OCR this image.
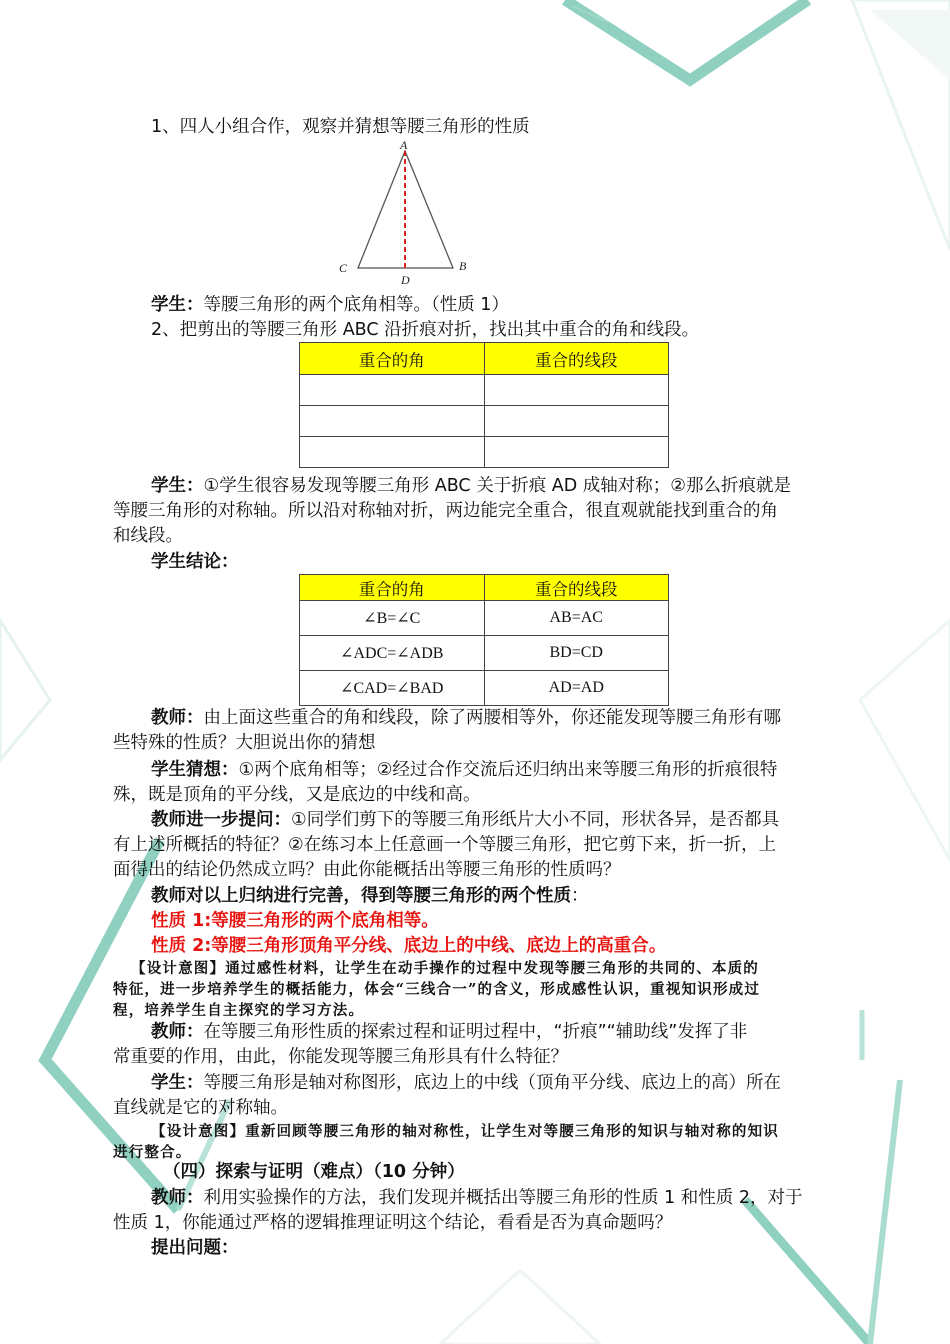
1、四人小组合作，观察并猜想等腰三角形的性质
A
C	B
D
学生：等腰三角形的两个底角相等。（性质 1）
2、把剪出的等腰三角形 ABC 沿折痕对折，找出其中重合的角和线段。
重合的角	重合的线段

学生：①学生很容易发现等腰三角形 ABC 关于折痕 AD 成轴对称；②那么折痕就是
等腰三角形的对称轴。所以沿对称轴对折，两边能完全重合，很直观就能找到重合的角
和线段。
学生结论：
重合的角	重合的线段
∠B=∠C	AB=AC
∠ADC=∠ADB	BD=CD
∠CAD=∠BAD	AD=AD
教师：由上面这些重合的角和线段，除了两腰相等外，你还能发现等腰三角形有哪
些特殊的性质？大胆说出你的猜想
学生猜想：①两个底角相等；②经过合作交流后还归纳出来等腰三角形的折痕很特
殊，既是顶角的平分线，又是底边的中线和高。
教师进一步提问：①同学们剪下的等腰三角形纸片大小不同，形状各异，是否都具
有上述所概括的特征？②在练习本上任意画一个等腰三角形，把它剪下来，折一折，上
面得出的结论仍然成立吗？由此你能概括出等腰三角形的性质吗？
教师对以上归纳进行完善，得到等腰三角形的两个性质：
性质 1:等腰三角形的两个底角相等。
性质 2:等腰三角形顶角平分线、底边上的中线、底边上的高重合。
【设计意图】通过感性材料，让学生在动手操作的过程中发现等腰三角形的共同的、本质的
特征，进一步培养学生的概括能力，体会“三线合一”的含义，形成感性认识，重视知识形成过
程，培养学生自主探究的学习方法。
教师：在等腰三角形性质的探索过程和证明过程中，“折痕”“辅助线”发挥了非
常重要的作用，由此，你能发现等腰三角形具有什么特征？
学生：等腰三角形是轴对称图形，底边上的中线（顶角平分线、底边上的高）所在
直线就是它的对称轴。
【设计意图】重新回顾等腰三角形的轴对称性，让学生对等腰三角形的知识与轴对称的知识
进行整合。
（四）探索与证明（难点）（10 分钟）
教师：利用实验操作的方法，我们发现并概括出等腰三角形的性质 1 和性质 2，对于
性质 1，你能通过严格的逻辑推理证明这个结论，看看是否为真命题吗？
提出问题：
